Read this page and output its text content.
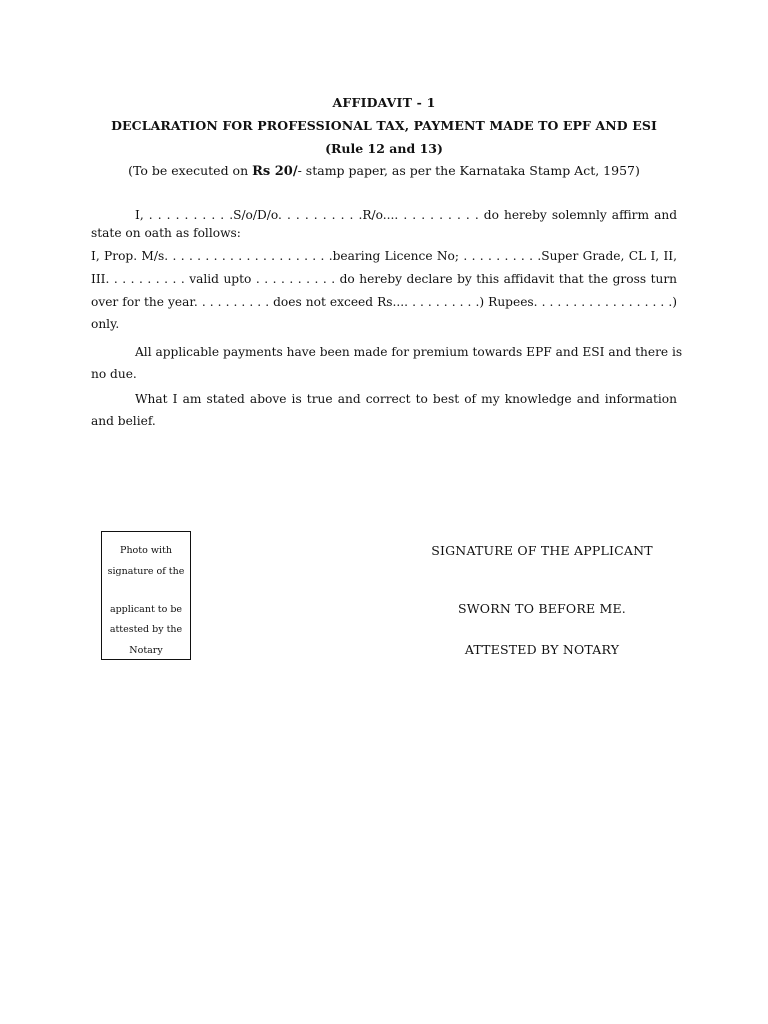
AFFIDAVIT - 1
DECLARATION FOR PROFESSIONAL TAX, PAYMENT MADE TO EPF AND ESI
(Rule 12 and 13)
(To be executed on Rs 20/- stamp paper, as per the Karnataka Stamp Act, 1957)
I, . . . . . . . . . .S/o/D/o. . . . . . . . . .R/o.... . . . . . . . . . do hereby solemnly affirm and
state on oath as follows:
I, Prop. M/s. . . . . . . . . . . . . . . . . . . . .bearing Licence No; . . . . . . . . . .Super Grade, CL I, II,
III. . . . . . . . . . valid upto . . . . . . . . . . do hereby declare by this affidavit that the gross turn
over for the year. . . . . . . . . . does not exceed Rs.... . . . . . . . . .) Rupees. . . . . . . . . . . . . . . . . .)
only.
All applicable payments have been made for premium towards EPF and ESI and there is
no due.
What I am stated above is true and correct to best of my knowledge and information
and belief.
Photo with
signature of the
applicant to be
attested by the
Notary
SIGNATURE OF THE APPLICANT
SWORN TO BEFORE ME.
ATTESTED BY NOTARY
